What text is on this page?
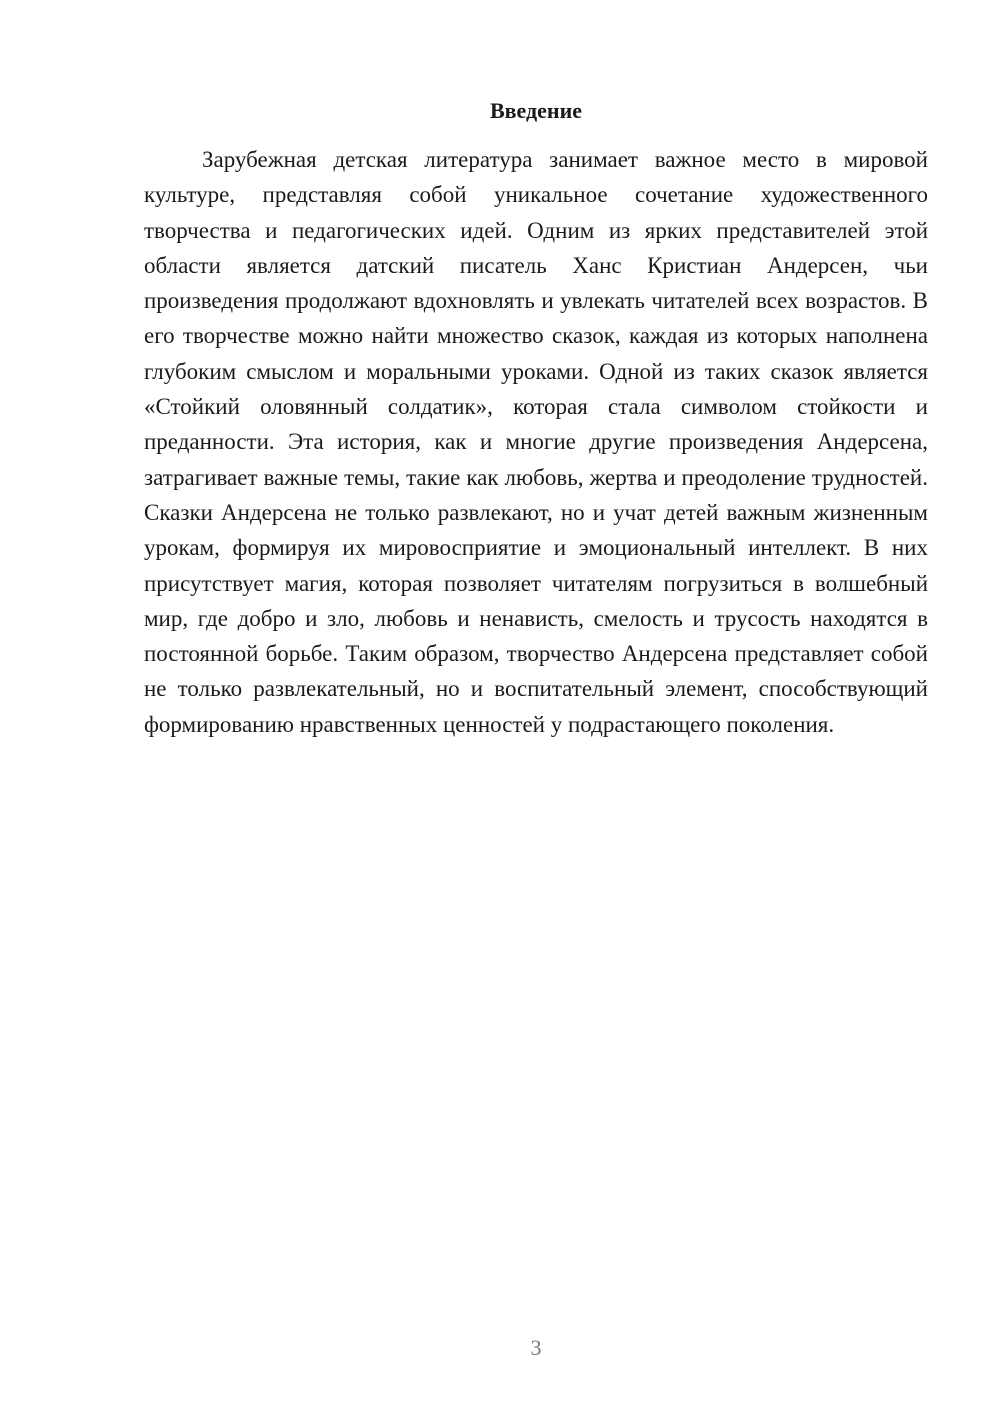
Введение

Зарубежная детская литература занимает важное место в мировой культуре, представляя собой уникальное сочетание художественного творчества и педагогических идей. Одним из ярких представителей этой области является датский писатель Ханс Кристиан Андерсен, чьи произведения продолжают вдохновлять и увлекать читателей всех возрастов. В его творчестве можно найти множество сказок, каждая из которых наполнена глубоким смыслом и моральными уроками. Одной из таких сказок является «Стойкий оловянный солдатик», которая стала символом стойкости и преданности. Эта история, как и многие другие произведения Андерсена, затрагивает важные темы, такие как любовь, жертва и преодоление трудностей. Сказки Андерсена не только развлекают, но и учат детей важным жизненным урокам, формируя их мировосприятие и эмоциональный интеллект. В них присутствует магия, которая позволяет читателям погрузиться в волшебный мир, где добро и зло, любовь и ненависть, смелость и трусость находятся в постоянной борьбе. Таким образом, творчество Андерсена представляет собой не только развлекательный, но и воспитательный элемент, способствующий формированию нравственных ценностей у подрастающего поколения.

3
